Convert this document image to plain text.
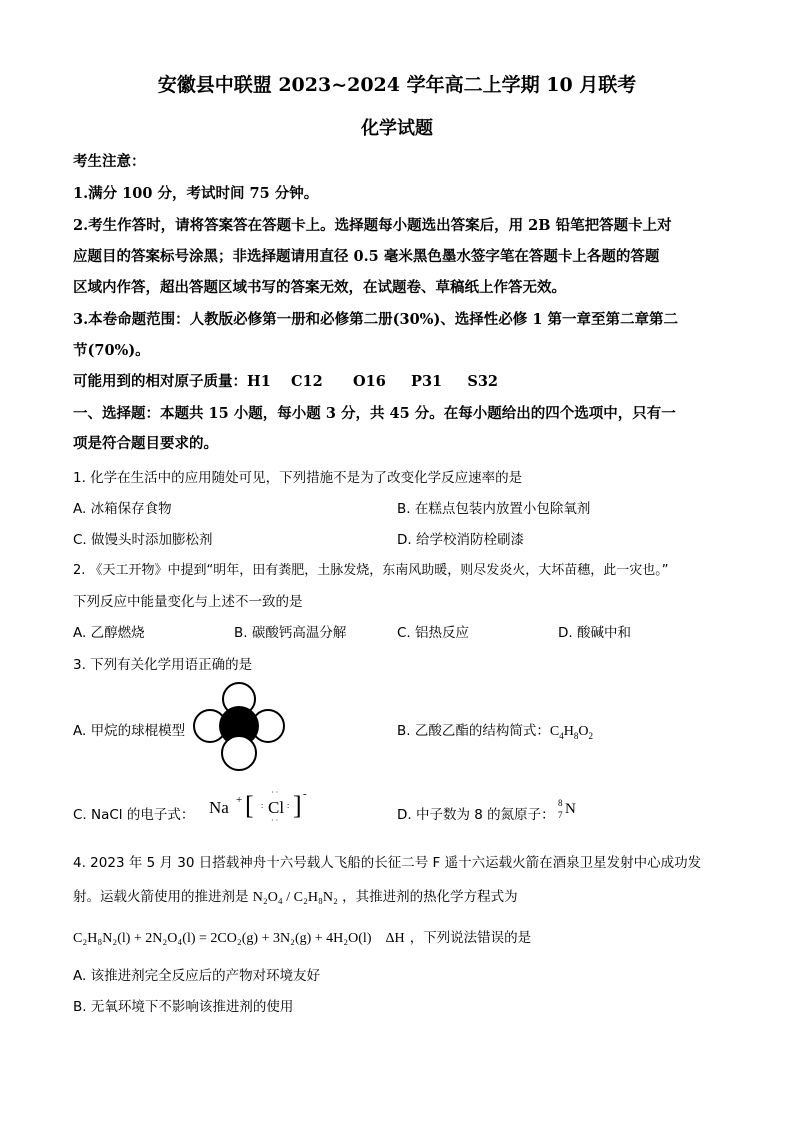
安徽县中联盟 2023~2024 学年高二上学期 10 月联考
化学试题
考生注意：
1.满分 100 分，考试时间 75 分钟。
2.考生作答时，请将答案答在答题卡上。选择题每小题选出答案后，用 2B 铅笔把答题卡上对
应题目的答案标号涂黑；非选择题请用直径 0.5 毫米黑色墨水签字笔在答题卡上各题的答题
区域内作答，超出答题区域书写的答案无效，在试题卷、草稿纸上作答无效。
3.本卷命题范围：人教版必修第一册和必修第二册(30%)、选择性必修 1 第一章至第二章第二
节(70%)。
可能用到的相对原子质量：H1    C12      O16     P31     S32
一、选择题：本题共 15 小题，每小题 3 分，共 45 分。在每小题给出的四个选项中，只有一
项是符合题目要求的。
1. 化学在生活中的应用随处可见，下列措施不是为了改变化学反应速率的是
A. 冰箱保存食物	B. 在糕点包装内放置小包除氧剂
C. 做馒头时添加膨松剂	D. 给学校消防栓刷漆
2. 《天工开物》中提到“明年，田有粪肥，土脉发烧，东南风助暖，则尽发炎火，大坏苗穗，此一灾也。”
下列反应中能量变化与上述不一致的是
A. 乙醇燃烧	B. 碳酸钙高温分解	C. 铝热反应	D. 酸碱中和
3. 下列有关化学用语正确的是
A. 甲烷的球棍模型	B. 乙酸乙酯的结构简式：$C_4H_8O_2$
C. NaCl 的电子式： Na + [ : Cl :
··
··
] -
D. 中子数为 8 的氮原子：
8
7 N
4. 2023 年 5 月 30 日搭载神舟十六号载人飞船的长征二号 F 遥十六运载火箭在酒泉卫星发射中心成功发
射。运载火箭使用的推进剂是 N₂O₄ / C₂H₈N₂ ，其推进剂的热化学方程式为
C₂H₈N₂(l) + 2N₂O₄(l) = 2CO₂(g) + 3N₂(g) + 4H₂O(l)    ΔH ，下列说法错误的是
A. 该推进剂完全反应后的产物对环境友好
B. 无氧环境下不影响该推进剂的使用
